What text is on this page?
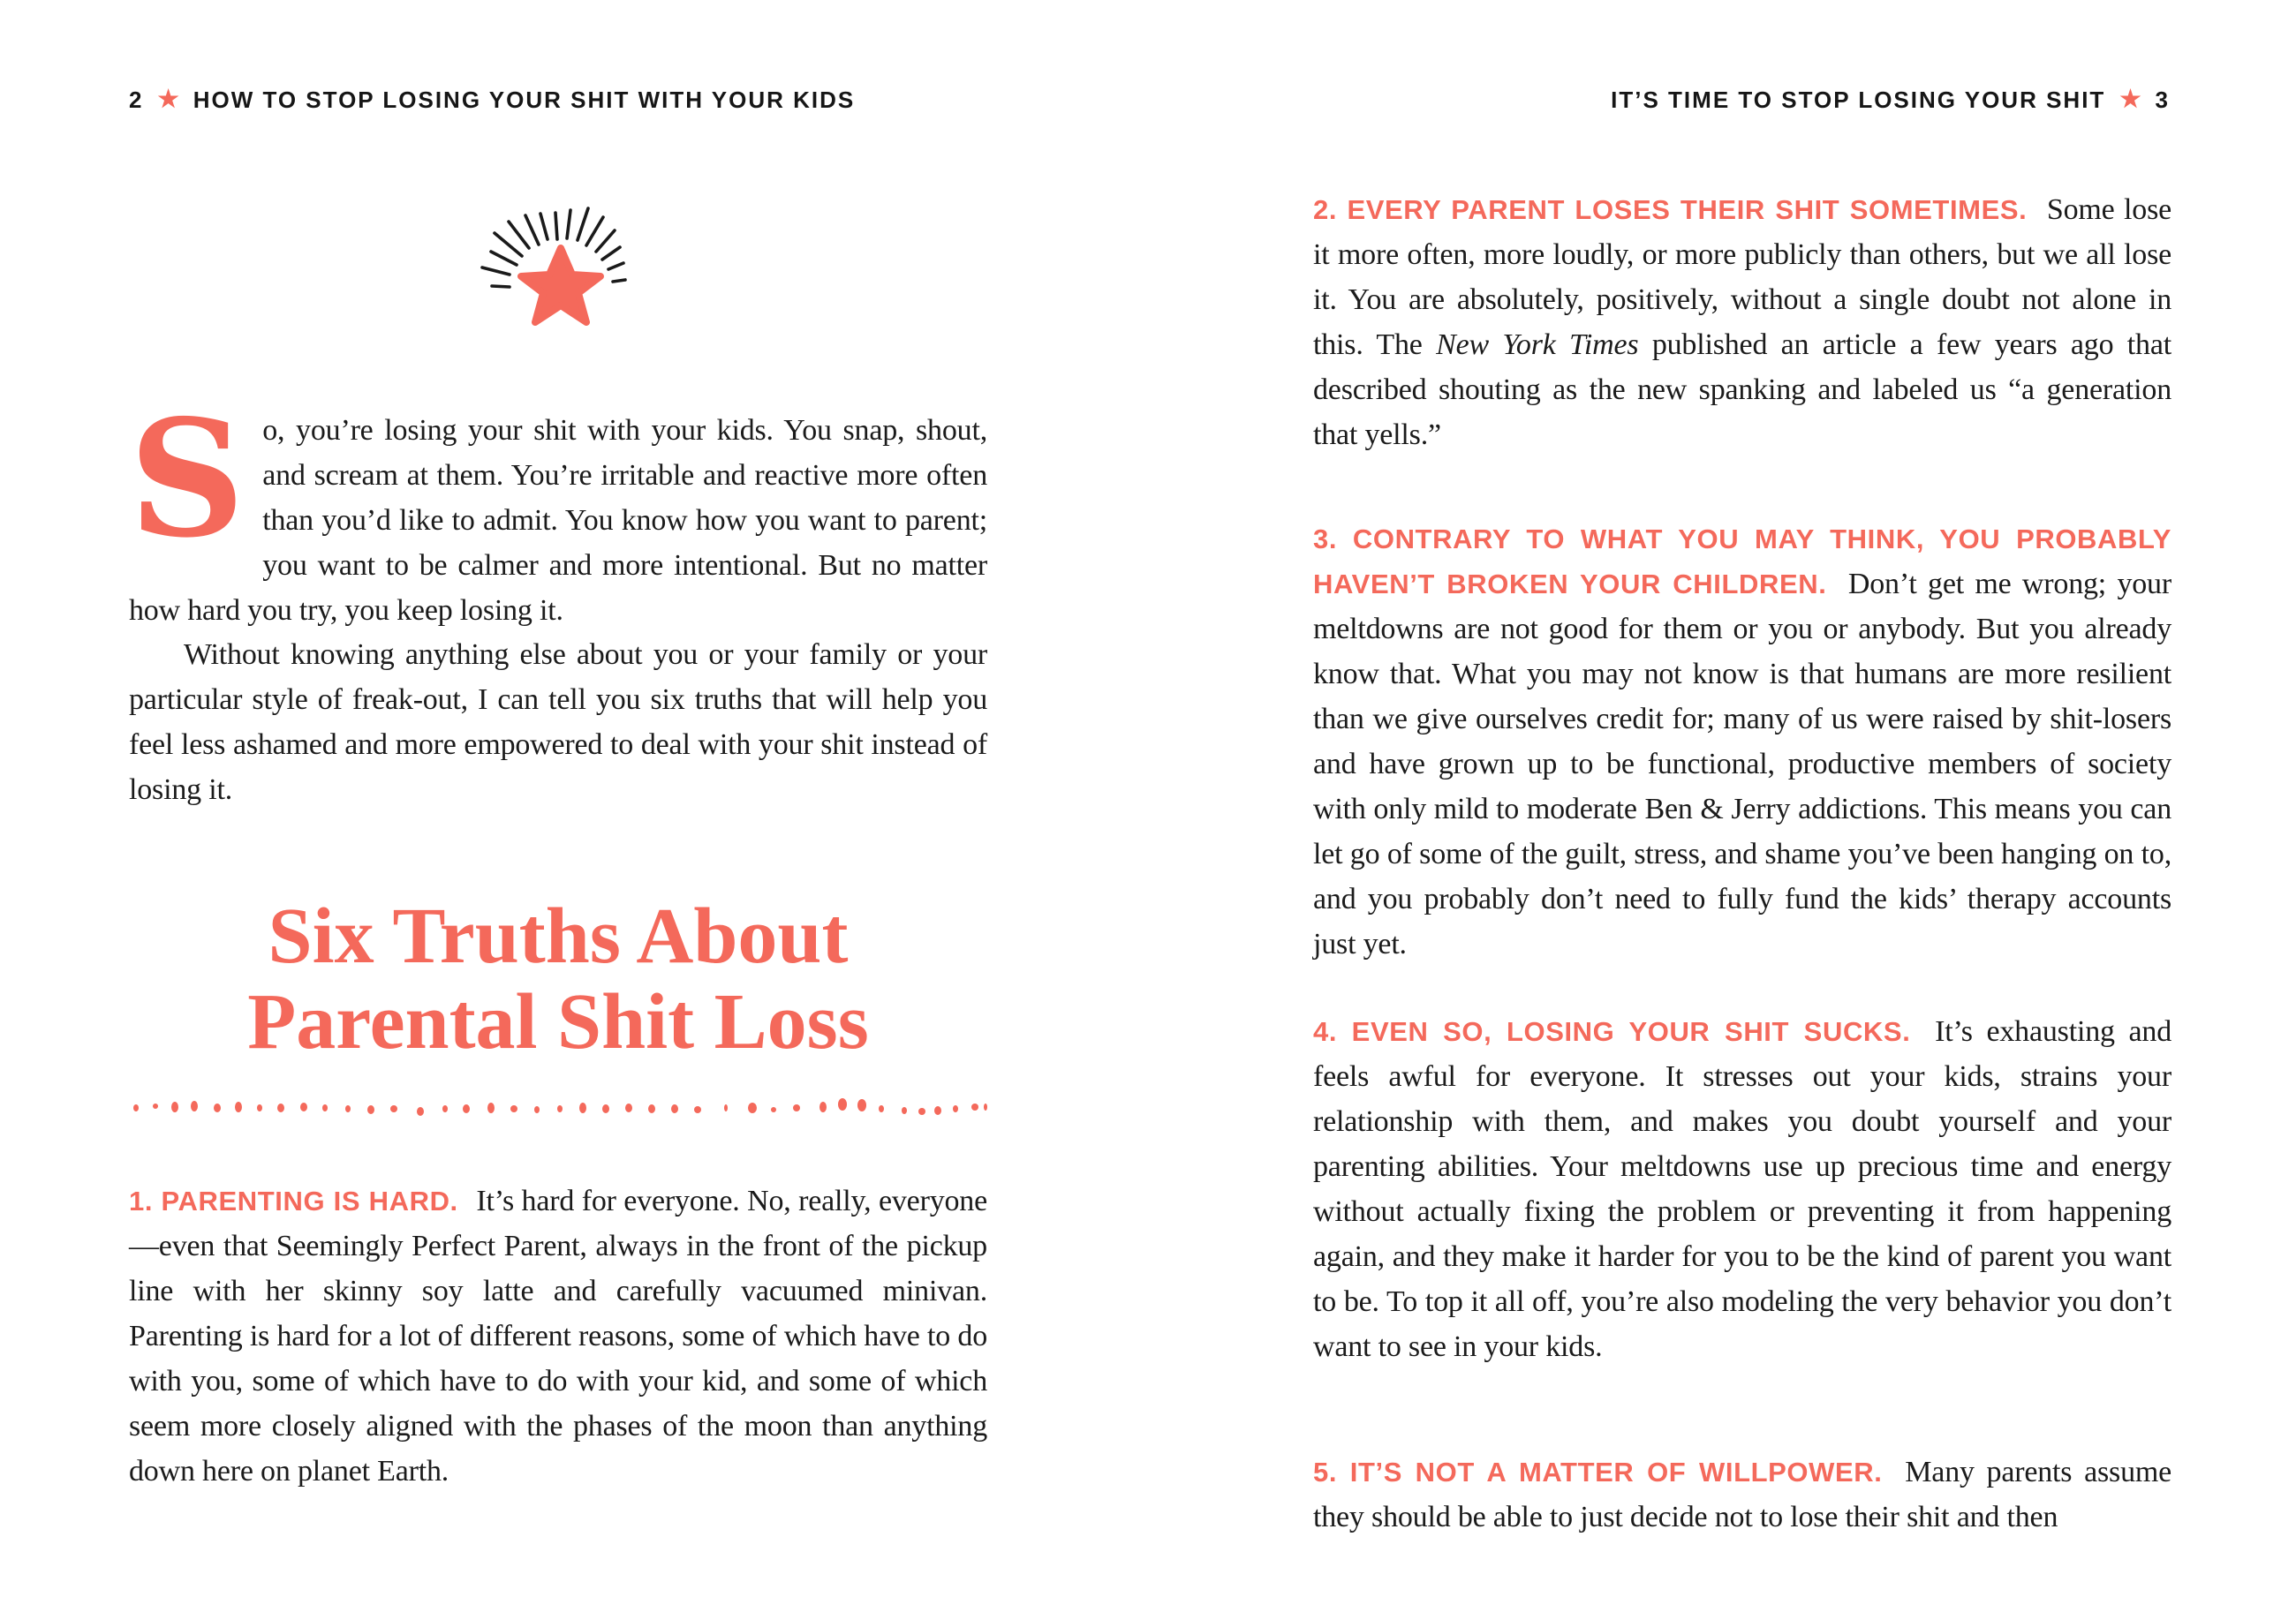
2 ★ HOW TO STOP LOSING YOUR SHIT WITH YOUR KIDS	IT’S TIME TO STOP LOSING YOUR SHIT ★ 3

S o, you’re losing your shit with your kids. You snap, shout, and scream at them. You’re irritable and reactive more often than you’d like to admit. You know how you want to parent; you want to be calmer and more intentional. But no matter how hard you try, you keep losing it.

Without knowing anything else about you or your family or your particular style of freak-out, I can tell you six truths that will help you feel less ashamed and more empowered to deal with your shit instead of losing it.

Six Truths About
Parental Shit Loss

1. PARENTING IS HARD. It’s hard for everyone. No, really, everyone—even that Seemingly Perfect Parent, always in the front of the pickup line with her skinny soy latte and carefully vacuumed minivan. Parenting is hard for a lot of different reasons, some of which have to do with you, some of which have to do with your kid, and some of which seem more closely aligned with the phases of the moon than anything down here on planet Earth.

2. EVERY PARENT LOSES THEIR SHIT SOMETIMES. Some lose it more often, more loudly, or more publicly than others, but we all lose it. You are absolutely, positively, without a single doubt not alone in this. The New York Times published an article a few years ago that described shouting as the new spanking and labeled us “a generation that yells.”

3. CONTRARY TO WHAT YOU MAY THINK, YOU PROBABLY HAVEN’T BROKEN YOUR CHILDREN. Don’t get me wrong; your meltdowns are not good for them or you or anybody. But you already know that. What you may not know is that humans are more resilient than we give ourselves credit for; many of us were raised by shit-losers and have grown up to be functional, productive members of society with only mild to moderate Ben & Jerry addictions. This means you can let go of some of the guilt, stress, and shame you’ve been hanging on to, and you probably don’t need to fully fund the kids’ therapy accounts just yet.

4. EVEN SO, LOSING YOUR SHIT SUCKS. It’s exhausting and feels awful for everyone. It stresses out your kids, strains your relationship with them, and makes you doubt yourself and your parenting abilities. Your meltdowns use up precious time and energy without actually fixing the problem or preventing it from happening again, and they make it harder for you to be the kind of parent you want to be. To top it all off, you’re also modeling the very behavior you don’t want to see in your kids.

5. IT’S NOT A MATTER OF WILLPOWER. Many parents assume they should be able to just decide not to lose their shit and then
